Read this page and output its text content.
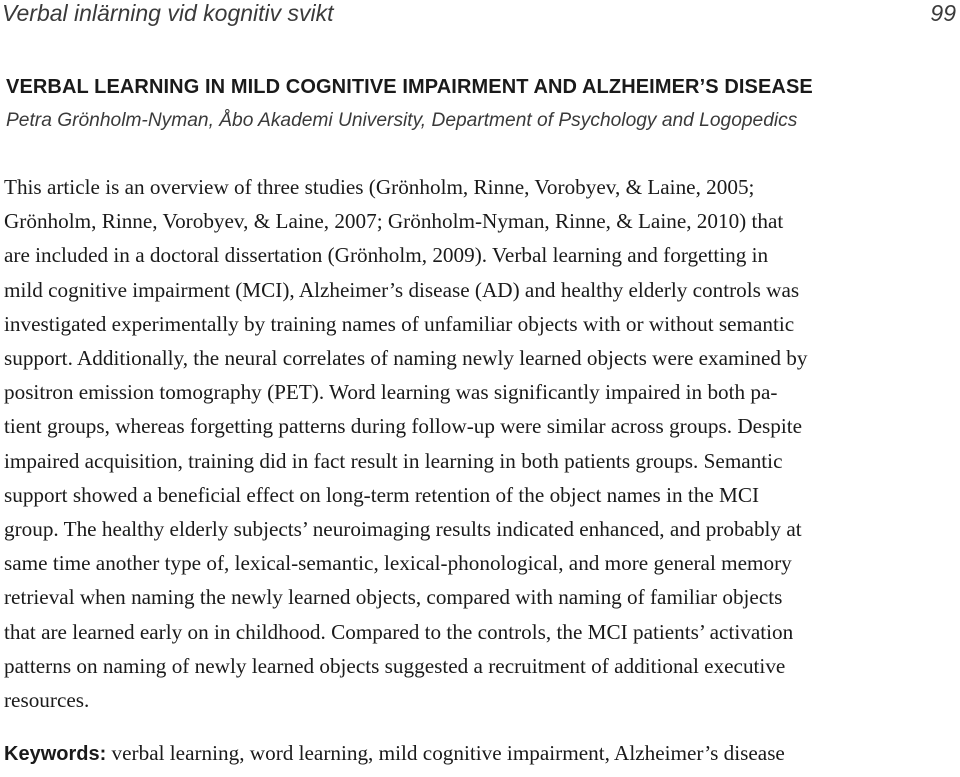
Verbal inlärning vid kognitiv svikt	99
VERBAL LEARNING IN MILD COGNITIVE IMPAIRMENT AND ALZHEIMER’S DISEASE
Petra Grönholm-Nyman, Åbo Akademi University, Department of Psychology and Logopedics
This article is an overview of three studies (Grönholm, Rinne, Vorobyev, & Laine, 2005;
Grönholm, Rinne, Vorobyev, & Laine, 2007; Grönholm-Nyman, Rinne, & Laine, 2010) that
are included in a doctoral dissertation (Grönholm, 2009). Verbal learning and forgetting in
mild cognitive impairment (MCI), Alzheimer’s disease (AD) and healthy elderly controls was
investigated experimentally by training names of unfamiliar objects with or without semantic
support. Additionally, the neural correlates of naming newly learned objects were examined by
positron emission tomography (PET). Word learning was significantly impaired in both pa-
tient groups, whereas forgetting patterns during follow-up were similar across groups. Despite
impaired acquisition, training did in fact result in learning in both patients groups. Semantic
support showed a beneficial effect on long-term retention of the object names in the MCI
group. The healthy elderly subjects’ neuroimaging results indicated enhanced, and probably at
same time another type of, lexical-semantic, lexical-phonological, and more general memory
retrieval when naming the newly learned objects, compared with naming of familiar objects
that are learned early on in childhood. Compared to the controls, the MCI patients’ activation
patterns on naming of newly learned objects suggested a recruitment of additional executive
resources.
Keywords: verbal learning, word learning, mild cognitive impairment, Alzheimer’s disease
